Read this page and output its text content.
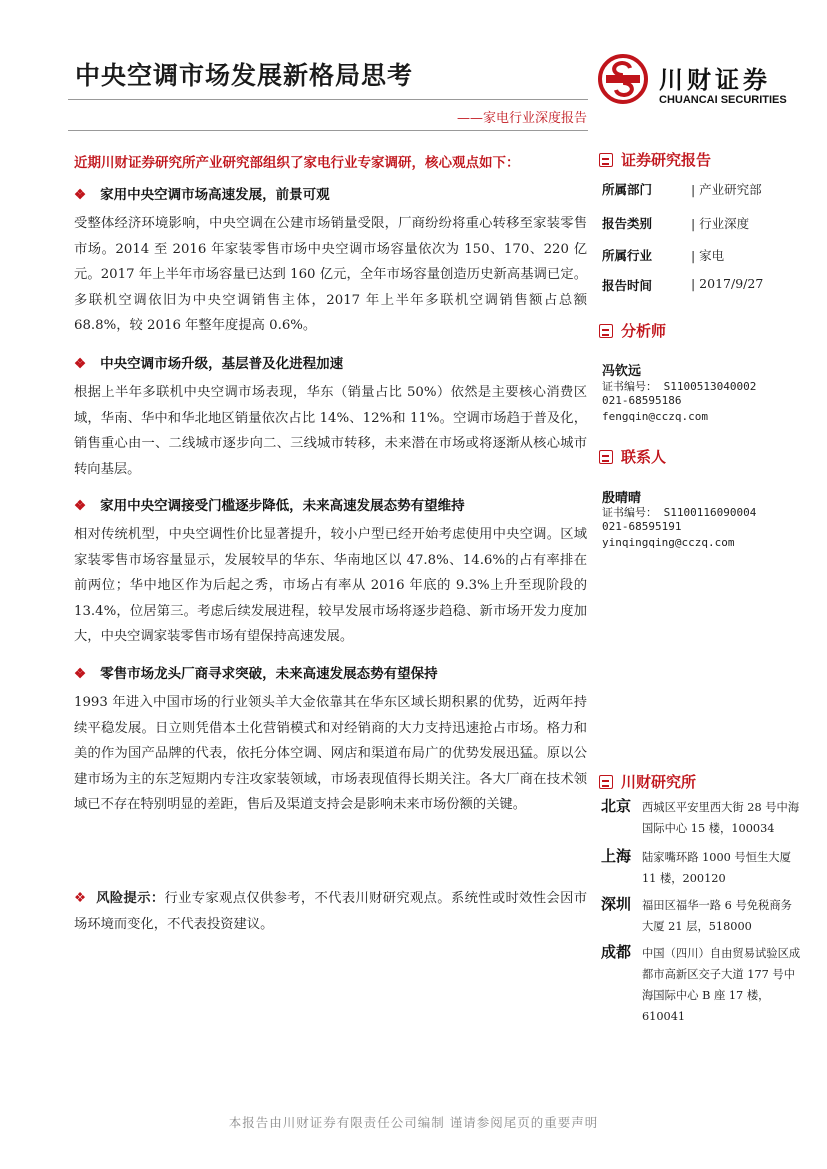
中央空调市场发展新格局思考
——家电行业深度报告
川财证券
CHUANCAI SECURITIES
近期川财证券研究所产业研究部组织了家电行业专家调研，核心观点如下：
❖ 家用中央空调市场高速发展，前景可观
受整体经济环境影响，中央空调在公建市场销量受限，厂商纷纷将重心转移至家装零售市场。2014 至 2016 年家装零售市场中央空调市场容量依次为 150、170、220 亿元。2017 年上半年市场容量已达到 160 亿元，全年市场容量创造历史新高基调已定。多联机空调依旧为中央空调销售主体，2017 年上半年多联机空调销售额占总额 68.8%，较 2016 年整年度提高 0.6%。
❖ 中央空调市场升级，基层普及化进程加速
根据上半年多联机中央空调市场表现，华东（销量占比 50%）依然是主要核心消费区域，华南、华中和华北地区销量依次占比 14%、12%和 11%。空调市场趋于普及化，销售重心由一、二线城市逐步向二、三线城市转移，未来潜在市场或将逐渐从核心城市转向基层。
❖ 家用中央空调接受门槛逐步降低，未来高速发展态势有望维持
相对传统机型，中央空调性价比显著提升，较小户型已经开始考虑使用中央空调。区域家装零售市场容量显示，发展较早的华东、华南地区以 47.8%、14.6%的占有率排在前两位；华中地区作为后起之秀，市场占有率从 2016 年底的 9.3%上升至现阶段的 13.4%，位居第三。考虑后续发展进程，较早发展市场将逐步趋稳、新市场开发力度加大，中央空调家装零售市场有望保持高速发展。
❖ 零售市场龙头厂商寻求突破，未来高速发展态势有望保持
1993 年进入中国市场的行业领头羊大金依靠其在华东区域长期积累的优势，近两年持续平稳发展。日立则凭借本土化营销模式和对经销商的大力支持迅速抢占市场。格力和美的作为国产品牌的代表，依托分体空调、网店和渠道布局广的优势发展迅猛。原以公建市场为主的东芝短期内专注攻家装领域，市场表现值得长期关注。各大厂商在技术领域已不存在特别明显的差距，售后及渠道支持会是影响未来市场份额的关键。
❖ 风险提示：行业专家观点仅供参考，不代表川财研究观点。系统性或时效性会因市场环境而变化，不代表投资建议。
证券研究报告
所属部门	| 产业研究部
报告类别	| 行业深度
所属行业	| 家电
报告时间	| 2017/9/27
分析师
冯钦远
证书编号： S1100513040002
021-68595186
fengqin@cczq.com
联系人
殷晴晴
证书编号： S1100116090004
021-68595191
yinqingqing@cczq.com
川财研究所
北京 西城区平安里西大街 28 号中海国际中心 15 楼，100034
上海 陆家嘴环路 1000 号恒生大厦 11 楼，200120
深圳 福田区福华一路 6 号免税商务大厦 21 层，518000
成都 中国（四川）自由贸易试验区成都市高新区交子大道 177 号中海国际中心 B 座 17 楼，610041
本报告由川财证券有限责任公司编制 谨请参阅尾页的重要声明
